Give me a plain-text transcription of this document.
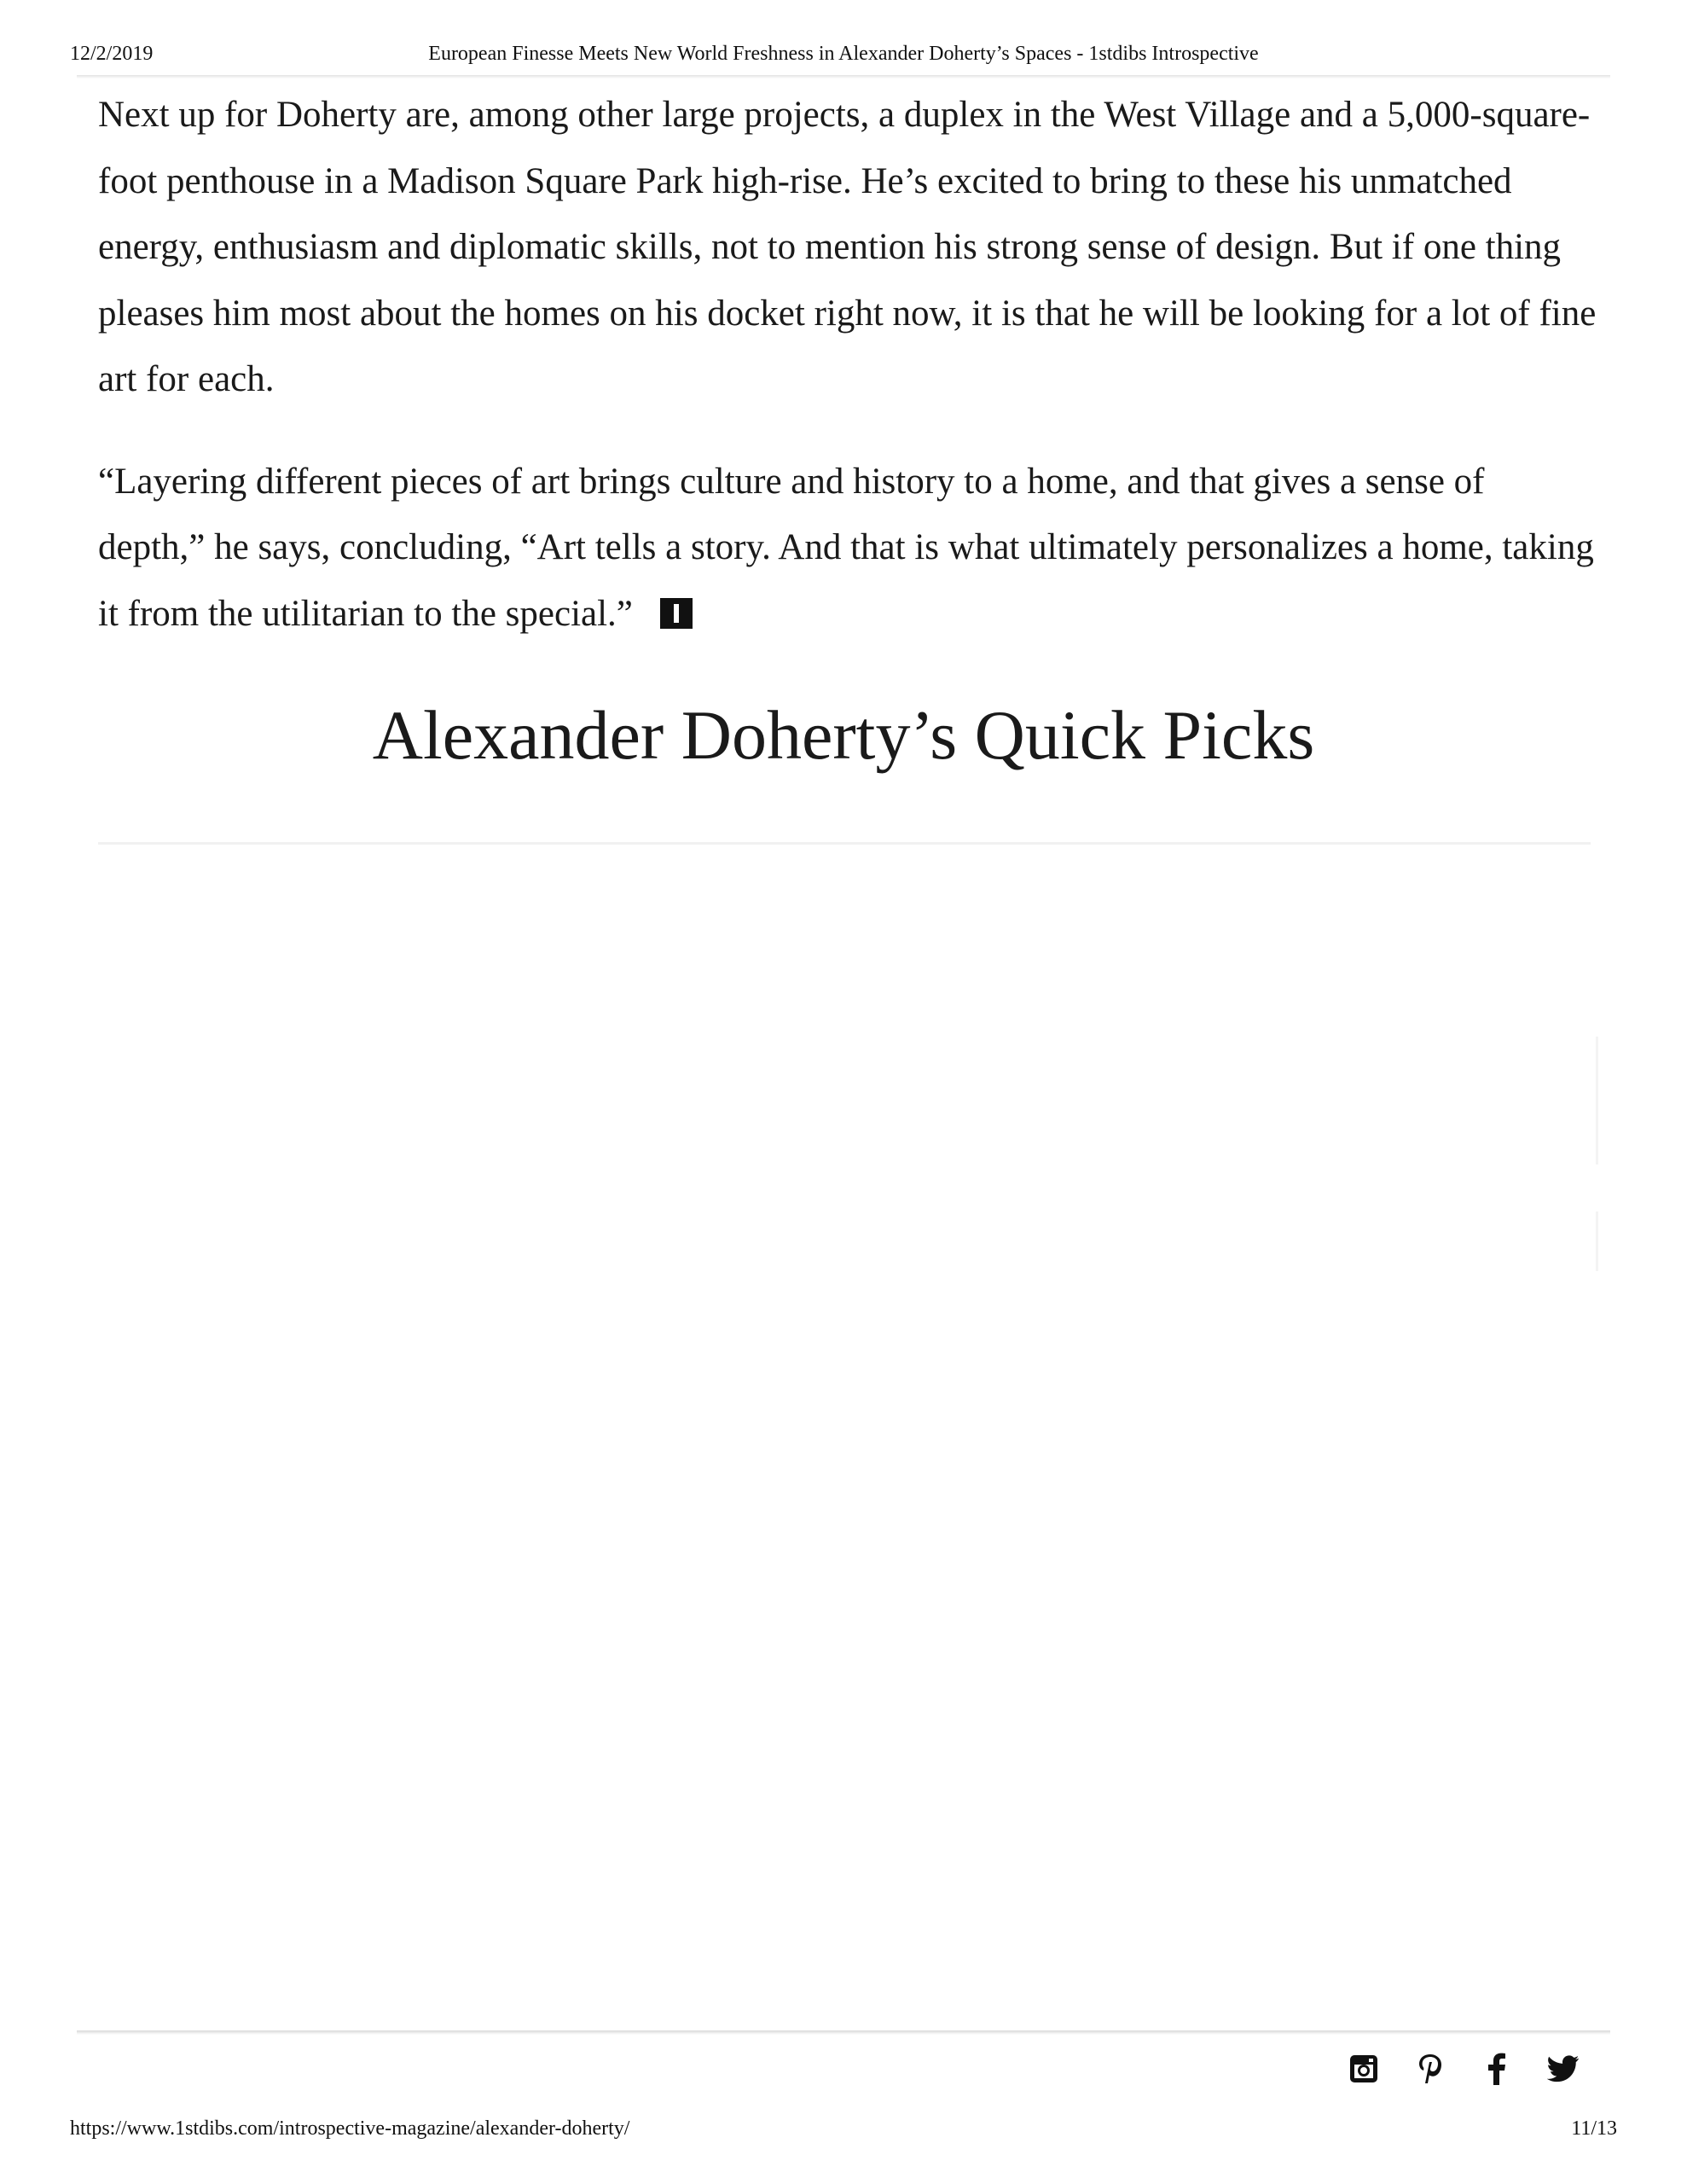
12/2/2019	European Finesse Meets New World Freshness in Alexander Doherty’s Spaces - 1stdibs Introspective

Next up for Doherty are, among other large projects, a duplex in the West Village and a 5,000-square-foot penthouse in a Madison Square Park high-rise. He’s excited to bring to these his unmatched energy, enthusiasm and diplomatic skills, not to mention his strong sense of design. But if one thing pleases him most about the homes on his docket right now, it is that he will be looking for a lot of fine art for each.

“Layering different pieces of art brings culture and history to a home, and that gives a sense of depth,” he says, concluding, “Art tells a story. And that is what ultimately personalizes a home, taking it from the utilitarian to the special.”

Alexander Doherty’s Quick Picks
https://www.1stdibs.com/introspective-magazine/alexander-doherty/	11/13
